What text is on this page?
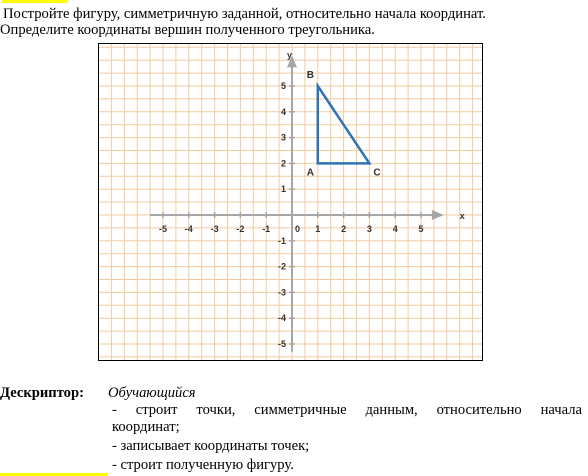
Постройте фигуру, симметричную заданной, относительно начала координат.
Определите координаты вершин полученного треугольника.
x
y
0
-5 -4 -3 -2 -1	1 2 3 4 5
5
4
3
2
1
-1
-2
-3
-4
-5
A
B
C
Дескриптор: Обучающийся
- строит точки, симметричные данным, относительно начала
координат;
- записывает координаты точек;
- строит полученную фигуру.
